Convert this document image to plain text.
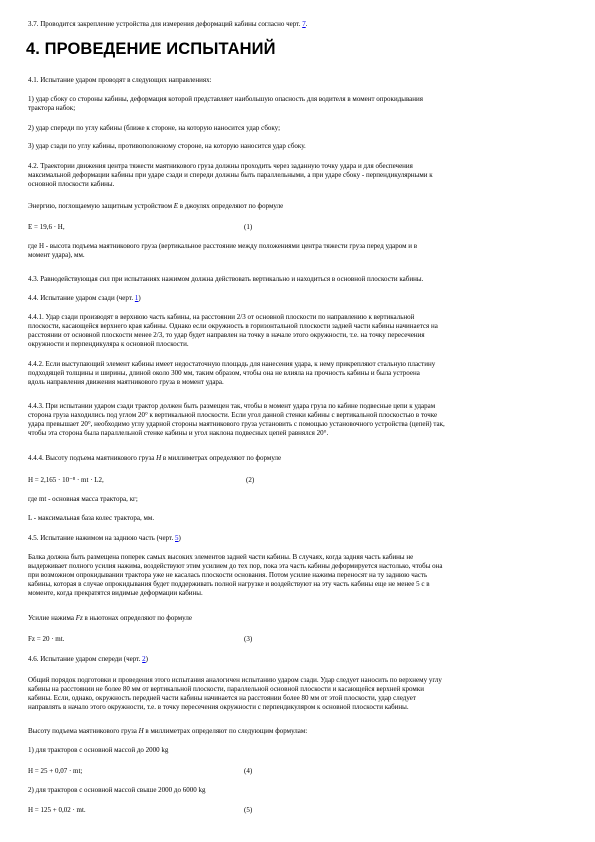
3.7. Проводится закрепление устройства для измерения деформаций кабины согласно черт. 7.
4. ПРОВЕДЕНИЕ ИСПЫТАНИЙ
4.1. Испытание ударом проводят в следующих направлениях:
1) удар сбоку со стороны кабины, деформация которой представляет наибольшую опасность для водителя в момент опрокидывания
трактора набок;
2) удар спереди по углу кабины (ближе к стороне, на которую наносится удар сбоку;
3) удар сзади по углу кабины, противоположному стороне, на которую наносится удар сбоку.
4.2. Траектории движения центра тяжести маятникового груза должны проходить через заданную точку удара и для обеспечения
максимальной деформации кабины при ударе сзади и спереди должны быть параллельными, а при ударе сбоку - перпендикулярными к
основной плоскости кабины.
Энергию, поглощаемую защитным устройством Е в джоулях определяют по формуле
Е = 19,6 · Н,	(1)
где Н - высота подъема маятникового груза (вертикальное расстояние между положениями центра тяжести груза перед ударом и в
момент удара), мм.
4.3. Равнодействующая сил при испытаниях нажимом должна действовать вертикально и находиться в основной плоскости кабины.
4.4. Испытание ударом сзади (черт. 1)
4.4.1. Удар сзади производят в верхнюю часть кабины, на расстоянии 2/3 от основной плоскости по направлению к вертикальной
плоскости, касающейся верхнего края кабины. Однако если окружность в горизонтальной плоскости задней части кабины начинается на
расстоянии от основной плоскости менее 2/3, то удар будет направлен на точку в начале этого окружности, т.е. на точку пересечения
окружности и перпендикуляра к основной плоскости.
4.4.2. Если выступающий элемент кабины имеет недостаточную площадь для нанесения удара, к нему прикрепляют стальную пластину
подходящей толщины и ширины, длиной около 300 мм, таким образом, чтобы она не влияла на прочность кабины и была устроена
вдоль направления движения маятникового груза в момент удара.
4.4.3. При испытании ударом сзади трактор должен быть размещен так, чтобы в момент удара груза по кабине подвесные цепи к ударам
сторона груза находились под углом 20° к вертикальной плоскости. Если угол данной стенки кабины с вертикальной плоскостью в точке
удара превышает 20°, необходимо углу ударной стороны маятникового груза установить с помощью установочного устройства (цепей) так,
чтобы эта сторона была параллельной стенке кабины и угол наклона подвесных цепей равнялся 20°.
4.4.4. Высоту подъема маятникового груза Н в миллиметрах определяют по формуле
Н = 2,165 · 10⁻⁸ · mt · L2,	(2)
где mt - основная масса трактора, кг;
L - максимальная база колес трактора, мм.
4.5. Испытание нажимом на заднюю часть (черт. 5)
Балка должна быть размещена поперек самых высоких элементов задней части кабины. В случаях, когда задняя часть кабины не
выдерживает полного усилия нажима, воздействуют этим усилием до тех пор, пока эта часть кабины деформируется настолько, чтобы она
при возможном опрокидывании трактора уже не касалась плоскости основания. Потом усилие нажима переносят на ту заднюю часть
кабины, которая в случае опрокидывания будет поддерживать полной нагрузке и воздействуют на эту часть кабины еще не менее 5 с в
моменте, когда прекратятся видимые деформации кабины.
Усилие нажима Fz в ньютонах определяют по формуле
Fz = 20 · mt.	(3)
4.6. Испытание ударом спереди (черт. 2)
Общий порядок подготовки и проведения этого испытания аналогичен испытанию ударом сзади. Удар следует наносить по верхнему углу
кабины на расстоянии не более 80 мм от вертикальной плоскости, параллельной основной плоскости и касающейся верхней кромки
кабины. Если, однако, окружность передней части кабины начинается на расстоянии более 80 мм от этой плоскости, удар следует
направлять в начало этого окружности, т.е. в точку пересечения окружности с перпендикуляром к основной плоскости кабины.
Высоту подъема маятникового груза Н в миллиметрах определяют по следующим формулам:
1) для тракторов с основной массой до 2000 kg
Н = 25 + 0,07 · mt;	(4)
2) для тракторов с основной массой свыше 2000 до 6000 kg
Н = 125 + 0,02 · mt.	(5)
